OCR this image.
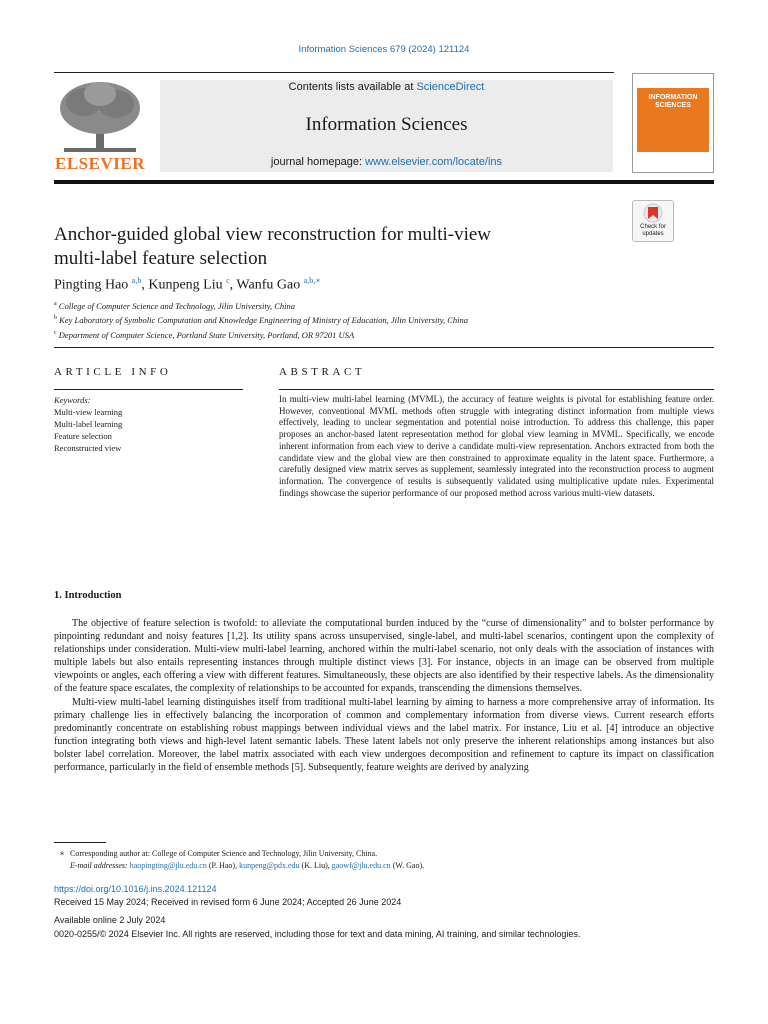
Information Sciences 679 (2024) 121124
ELSEVIER
Contents lists available at ScienceDirect
Information Sciences
journal homepage: www.elsevier.com/locate/ins
INFORMATION SCIENCES
Check for updates
Anchor-guided global view reconstruction for multi-view
multi-label feature selection
Pingting Hao $^{a,b}$, Kunpeng Liu $^c$, Wanfu Gao $^{a,b,∗}$
$^a$ College of Computer Science and Technology, Jilin University, China
$^b$ Key Laboratory of Symbolic Computation and Knowledge Engineering of Ministry of Education, Jilin University, China
$^c$ Department of Computer Science, Portland State University, Portland, OR 97201 USA
ARTICLE INFO	ABSTRACT
Keywords:
Multi-view learning
Multi-label learning
Feature selection
Reconstructed view
In multi-view multi-label learning (MVML), the accuracy of feature weights is pivotal for establishing feature order. However, conventional MVML methods often struggle with integrating distinct information from multiple views effectively, leading to unclear segmentation and potential noise introduction. To address this challenge, this paper proposes an anchor-based latent representation method for global view learning in MVML. Specifically, we encode inherent information from each view to derive a candidate multi-view representation. Anchors extracted from both the candidate view and the global view are then constrained to approximate equality in the latent space. Furthermore, a carefully designed view matrix serves as supplement, seamlessly integrated into the reconstruction process to augment information. The convergence of results is subsequently validated using multiplicative update rules. Experimental findings showcase the superior performance of our proposed method across various multi-view datasets.
1. Introduction

The objective of feature selection is twofold: to alleviate the computational burden induced by the “curse of dimensionality” and to bolster performance by pinpointing redundant and noisy features [1,2]. Its utility spans across unsupervised, single-label, and multi-label scenarios, contingent upon the complexity of relationships under consideration. Multi-view multi-label learning, anchored within the multi-label scenario, not only deals with the association of instances with multiple labels but also entails representing instances through multiple distinct views [3]. For instance, objects in an image can be observed from multiple viewpoints or angles, each offering a view with different features. Simultaneously, these objects are also identified by their respective labels. As the dimensionality of the feature space escalates, the complexity of relationships to be accounted for expands, transcending the dimensions themselves.

Multi-view multi-label learning distinguishes itself from traditional multi-label learning by aiming to harness a more comprehensive array of information. Its primary challenge lies in effectively balancing the incorporation of common and complementary information from diverse views. Current research efforts predominantly concentrate on establishing robust mappings between individual views and the label matrix. For instance, Liu et al. [4] introduce an objective function integrating both views and high-level latent semantic labels. These latent labels not only preserve the inherent relationships among instances but also bolster label correlation. Moreover, the label matrix associated with each view undergoes decomposition and refinement to capture its impact on classification performance, particularly in the field of ensemble methods [5]. Subsequently, feature weights are derived by analyzing

∗ Corresponding author at: College of Computer Science and Technology, Jilin University, China.
E-mail addresses: haopingting@jlu.edu.cn (P. Hao), kunpeng@pdx.edu (K. Liu), gaowf@jlu.edu.cn (W. Gao).
https://doi.org/10.1016/j.ins.2024.121124
Received 15 May 2024; Received in revised form 6 June 2024; Accepted 26 June 2024
Available online 2 July 2024
0020-0255/© 2024 Elsevier Inc. All rights are reserved, including those for text and data mining, AI training, and similar technologies.
